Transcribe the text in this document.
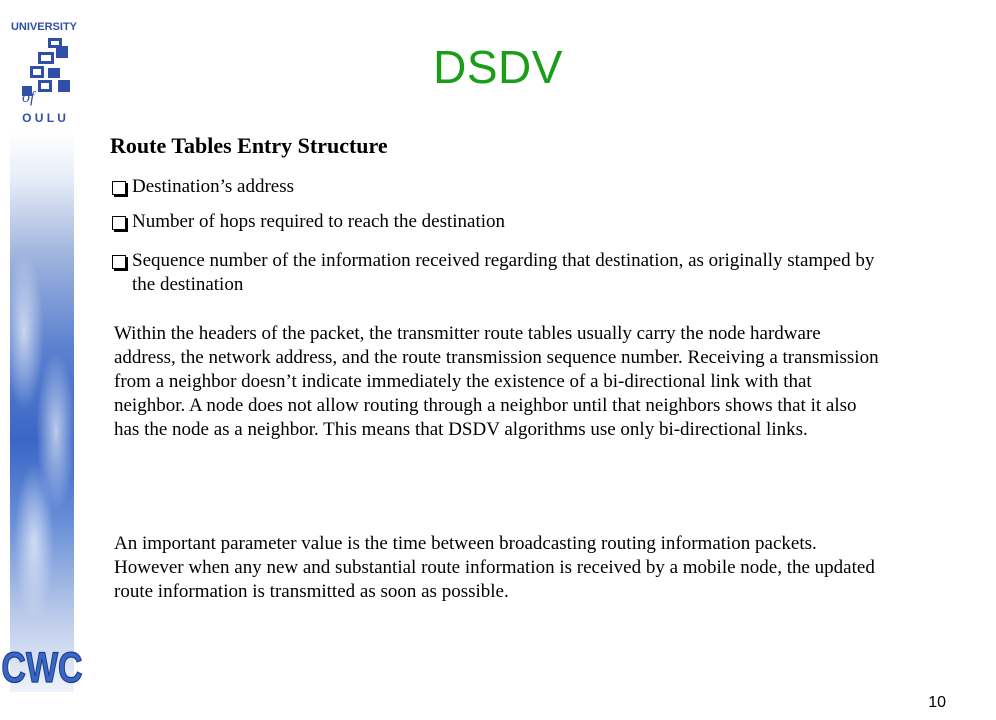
UNIVERSITY
of
O U L U
CWC
DSDV
Route Tables Entry Structure
Destination’s address
Number of hops required to reach the destination
Sequence number of the information received regarding that destination, as originally stamped by the destination

Within the headers of the packet, the transmitter route tables usually carry the node hardware address, the network address, and the route transmission sequence number. Receiving a transmission from a neighbor doesn’t indicate immediately the existence of a bi-directional link with that neighbor. A node does not allow routing through a neighbor until that neighbors shows that it also has the node as a neighbor. This means that DSDV algorithms use only bi-directional links.

An important parameter value is the time between broadcasting routing information packets. However when any new and substantial route information is received by a mobile node, the updated route information is transmitted as soon as possible.

10
